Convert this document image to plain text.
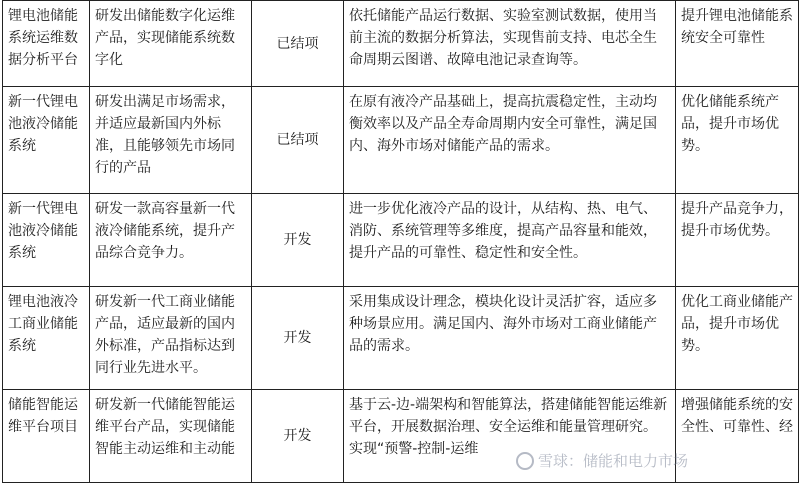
锂电池储能系统运维数据分析平台	研发出储能数字化运维产品，实现储能系统数字化	已结项	依托储能产品运行数据、实验室测试数据，使用当前主流的数据分析算法，实现售前支持、电芯全生命周期云图谱、故障电池记录查询等。	提升锂电池储能系统安全可靠性
新一代锂电池液冷储能系统	研发出满足市场需求，并适应最新国内外标准，且能够领先市场同行的产品	已结项	在原有液冷产品基础上，提高抗震稳定性，主动均衡效率以及产品全寿命周期内安全可靠性，满足国内、海外市场对储能产品的需求。	优化储能系统产品，提升市场优势。
新一代锂电池液冷储能系统	研发一款高容量新一代液冷储能系统，提升产品综合竞争力。	开发	进一步优化液冷产品的设计，从结构、热、电气、消防、系统管理等多维度，提高产品容量和能效，提升产品的可靠性、稳定性和安全性。	提升产品竞争力，提升市场优势。
锂电池液冷工商业储能系统	研发新一代工商业储能产品，适应最新的国内外标准，产品指标达到同行业先进水平。	开发	采用集成设计理念，模块化设计灵活扩容，适应多种场景应用。满足国内、海外市场对工商业储能产品的需求。	优化工商业储能产品，提升市场优势。
储能智能运维平台项目	研发新一代储能智能运维平台产品，实现储能智能主动运维和主动能	开发	基于云-边-端架构和智能算法，搭建储能智能运维新平台，开展数据治理、安全运维和能量管理研究。实现“预警-控制-运维	增强储能系统的安全性、可靠性、经
雪球：储能和电力市场
